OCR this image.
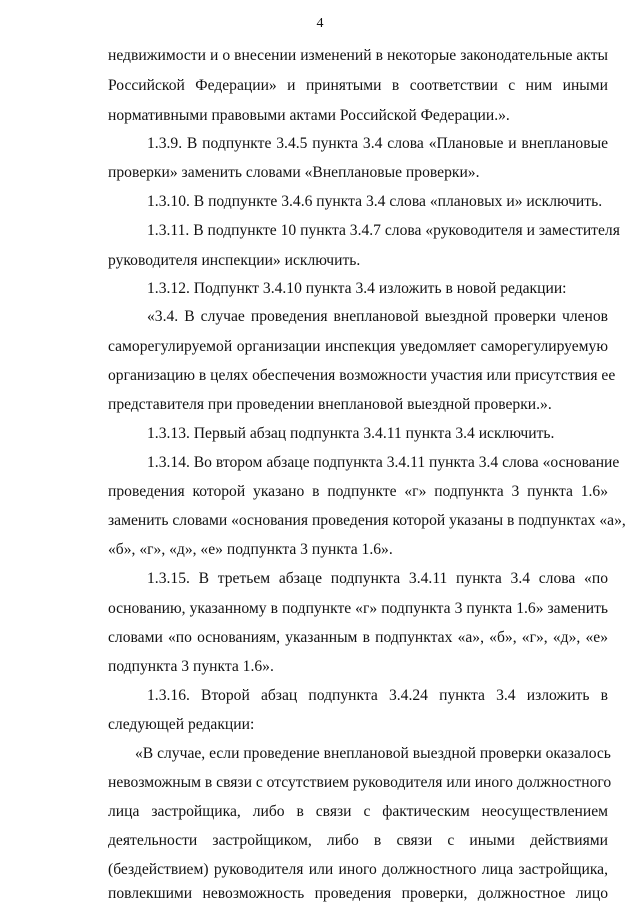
4
недвижимости и о внесении изменений в некоторые законодательные акты
Российской Федерации» и принятыми в соответствии с ним иными
нормативными правовыми актами Российской Федерации.».
1.3.9. В подпункте 3.4.5 пункта 3.4 слова «Плановые и внеплановые
проверки» заменить словами «Внеплановые проверки».
1.3.10. В подпункте 3.4.6 пункта 3.4 слова «плановых и» исключить.
1.3.11. В подпункте 10 пункта 3.4.7 слова «руководителя и заместителя
руководителя инспекции» исключить.
1.3.12. Подпункт 3.4.10 пункта 3.4 изложить в новой редакции:
«3.4. В случае проведения внеплановой выездной проверки членов
саморегулируемой организации инспекция уведомляет саморегулируемую
организацию в целях обеспечения возможности участия или присутствия ее
представителя при проведении внеплановой выездной проверки.».
1.3.13. Первый абзац подпункта 3.4.11 пункта 3.4 исключить.
1.3.14. Во втором абзаце подпункта 3.4.11 пункта 3.4 слова «основание
проведения которой указано в подпункте «г» подпункта 3 пункта 1.6»
заменить словами «основания проведения которой указаны в подпунктах «а»,
«б», «г», «д», «е» подпункта 3 пункта 1.6».
1.3.15. В третьем абзаце подпункта 3.4.11 пункта 3.4 слова «по
основанию, указанному в подпункте «г» подпункта 3 пункта 1.6» заменить
словами «по основаниям, указанным в подпунктах «а», «б», «г», «д», «е»
подпункта 3 пункта 1.6».
1.3.16. Второй абзац подпункта 3.4.24 пункта 3.4 изложить в
следующей редакции:
«В случае, если проведение внеплановой выездной проверки оказалось
невозможным в связи с отсутствием руководителя или иного должностного
лица застройщика, либо в связи с фактическим неосуществлением
деятельности застройщиком, либо в связи с иными действиями
(бездействием) руководителя или иного должностного лица застройщика,
повлекшими невозможность проведения проверки, должностное лицо
